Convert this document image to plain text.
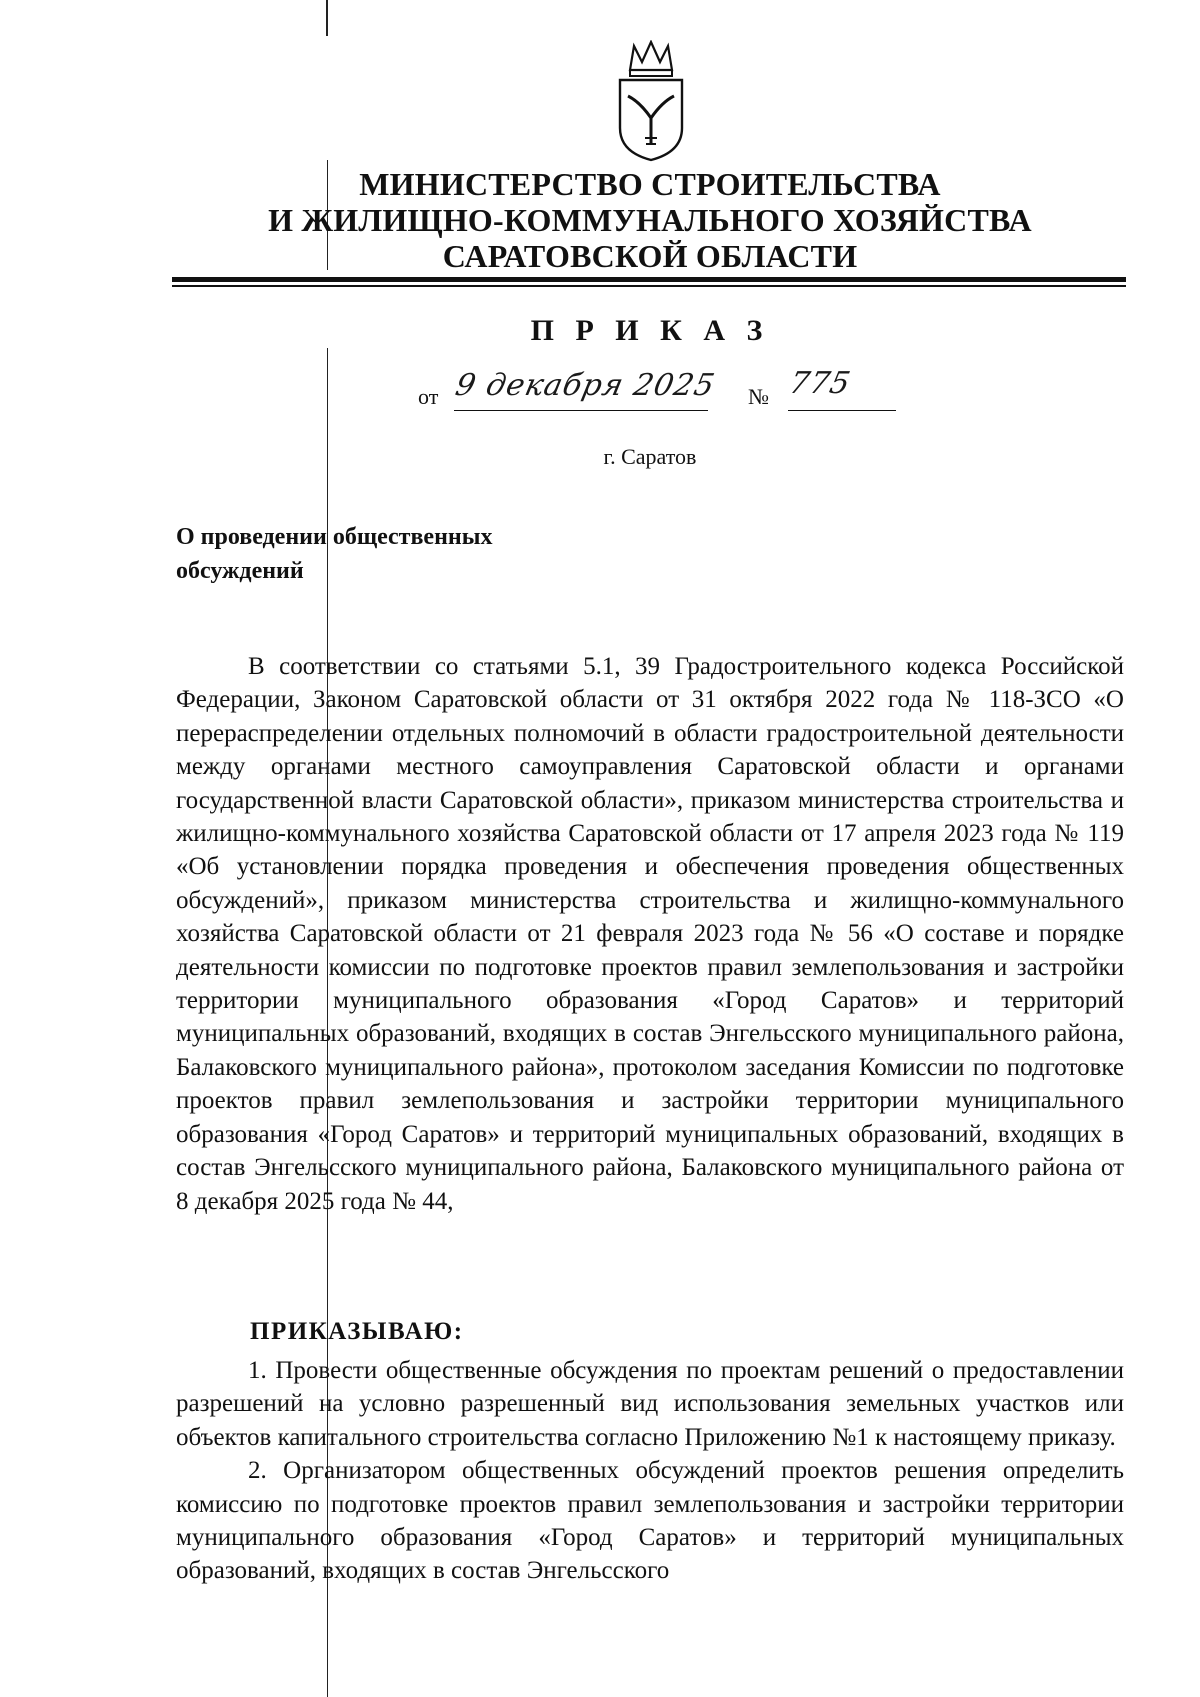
МИНИСТЕРСТВО СТРОИТЕЛЬСТВА
И ЖИЛИЩНО-КОММУНАЛЬНОГО ХОЗЯЙСТВА
САРАТОВСКОЙ ОБЛАСТИ
П Р И К А З
от 9 декабря 2025 № 775
г. Саратов
О проведении общественных
обсуждений

В соответствии со статьями 5.1, 39 Градостроительного кодекса Российской Федерации, Законом Саратовской области от 31 октября 2022 года № 118-ЗСО «О перераспределении отдельных полномочий в области градостроительной деятельности между органами местного самоуправления Саратовской области и органами государственной власти Саратовской области», приказом министерства строительства и жилищно-коммунального хозяйства Саратовской области от 17 апреля 2023 года № 119 «Об установлении порядка проведения и обеспечения проведения общественных обсуждений», приказом министерства строительства и жилищно-коммунального хозяйства Саратовской области от 21 февраля 2023 года № 56 «О составе и порядке деятельности комиссии по подготовке проектов правил землепользования и застройки территории муниципального образования «Город Саратов» и территорий муниципальных образований, входящих в состав Энгельсского муниципального района, Балаковского муниципального района», протоколом заседания Комиссии по подготовке проектов правил землепользования и застройки территории муниципального образования «Город Саратов» и территорий муниципальных образований, входящих в состав Энгельсского муниципального района, Балаковского муниципального района от 8 декабря 2025 года № 44,

ПРИКАЗЫВАЮ:

1. Провести общественные обсуждения по проектам решений о предоставлении разрешений на условно разрешенный вид использования земельных участков или объектов капитального строительства согласно Приложению №1 к настоящему приказу.

2. Организатором общественных обсуждений проектов решения определить комиссию по подготовке проектов правил землепользования и застройки территории муниципального образования «Город Саратов» и территорий муниципальных образований, входящих в состав Энгельсского
